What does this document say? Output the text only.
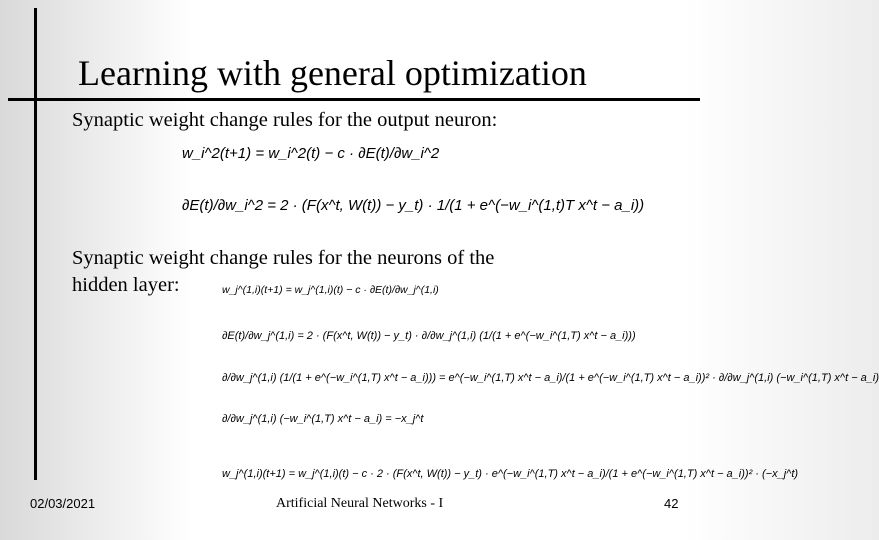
Learning with general optimization
Synaptic weight change rules for the output neuron:
w_i^2(t+1) = w_i^2(t) − c · ∂E(t)/∂w_i^2
∂E(t)/∂w_i^2 = 2 · (F(x^t, W(t)) − y_t) · 1/(1 + e^(−w_i^(1,t)T x^t − a_i))
Synaptic weight change rules for the neurons of the
hidden layer:	w_j^(1,i)(t+1) = w_j^(1,i)(t) − c · ∂E(t)/∂w_j^(1,i)
∂E(t)/∂w_j^(1,i) = 2 · (F(x^t, W(t)) − y_t) · ∂/∂w_j^(1,i) (1/(1 + e^(−w_i^(1,T) x^t − a_i)))
∂/∂w_j^(1,i) (1/(1 + e^(−w_i^(1,T) x^t − a_i))) = e^(−w_i^(1,T) x^t − a_i)/(1 + e^(−w_i^(1,T) x^t − a_i))² · ∂/∂w_j^(1,i) (−w_i^(1,T) x^t − a_i)
∂/∂w_j^(1,i) (−w_i^(1,T) x^t − a_i) = −x_j^t
w_j^(1,i)(t+1) = w_j^(1,i)(t) − c · 2 · (F(x^t, W(t)) − y_t) · e^(−w_i^(1,T) x^t − a_i)/(1 + e^(−w_i^(1,T) x^t − a_i))² · (−x_j^t)
02/03/2021	Artificial Neural Networks - I	42
